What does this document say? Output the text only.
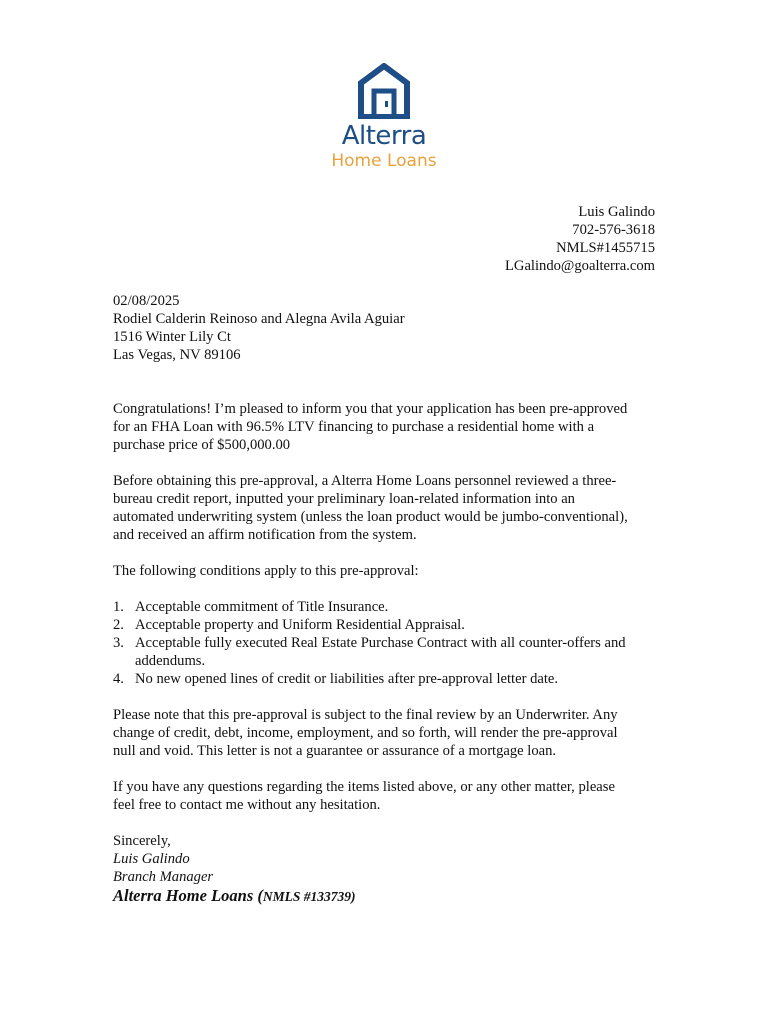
Alterra
Home Loans
Luis Galindo
702-576-3618
NMLS#1455715
LGalindo@goalterra.com
02/08/2025
Rodiel Calderin Reinoso and Alegna Avila Aguiar
1516 Winter Lily Ct
Las Vegas, NV 89106

Congratulations! I’m pleased to inform you that your application has been pre-approved
for an FHA Loan with 96.5% LTV financing to purchase a residential home with a
purchase price of $500,000.00

Before obtaining this pre-approval, a Alterra Home Loans personnel reviewed a three-
bureau credit report, inputted your preliminary loan-related information into an
automated underwriting system (unless the loan product would be jumbo-conventional),
and received an affirm notification from the system.

The following conditions apply to this pre-approval:

1. Acceptable commitment of Title Insurance.
2. Acceptable property and Uniform Residential Appraisal.
3. Acceptable fully executed Real Estate Purchase Contract with all counter-offers and
addendums.
4. No new opened lines of credit or liabilities after pre-approval letter date.

Please note that this pre-approval is subject to the final review by an Underwriter. Any
change of credit, debt, income, employment, and so forth, will render the pre-approval
null and void. This letter is not a guarantee or assurance of a mortgage loan.

If you have any questions regarding the items listed above, or any other matter, please
feel free to contact me without any hesitation.

Sincerely,
Luis Galindo
Branch Manager
Alterra Home Loans (NMLS #133739)
